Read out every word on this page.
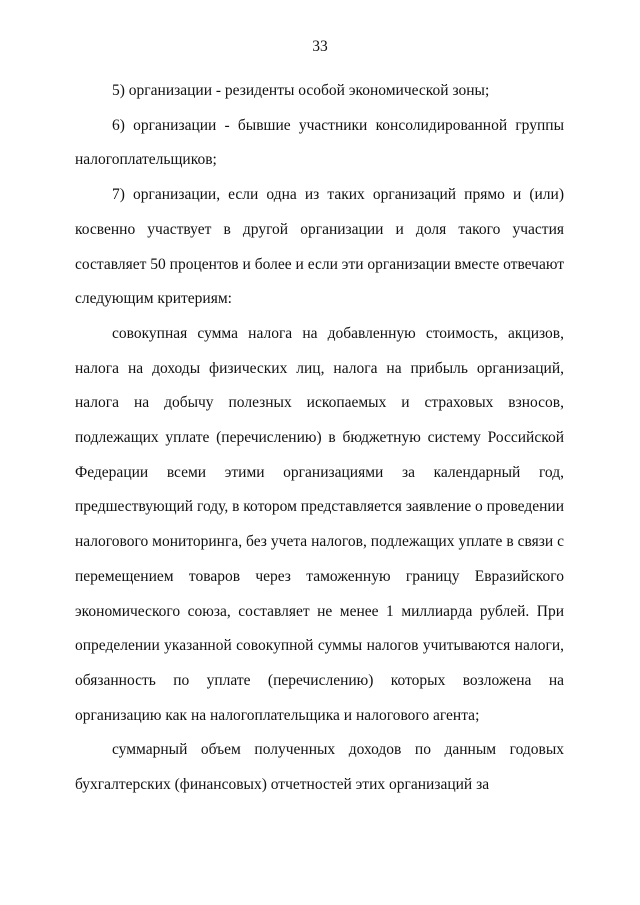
33

5) организации - резиденты особой экономической зоны;

6) организации - бывшие участники консолидированной группы налогоплательщиков;

7) организации, если одна из таких организаций прямо и (или) косвенно участвует в другой организации и доля такого участия составляет 50 процентов и более и если эти организации вместе отвечают следующим критериям:

совокупная сумма налога на добавленную стоимость, акцизов, налога на доходы физических лиц, налога на прибыль организаций, налога на добычу полезных ископаемых и страховых взносов, подлежащих уплате (перечислению) в бюджетную систему Российской Федерации всеми этими организациями за календарный год, предшествующий году, в котором представляется заявление о проведении налогового мониторинга, без учета налогов, подлежащих уплате в связи с перемещением товаров через таможенную границу Евразийского экономического союза, составляет не менее 1 миллиарда рублей. При определении указанной совокупной суммы налогов учитываются налоги, обязанность по уплате (перечислению) которых возложена на организацию как на налогоплательщика и налогового агента;

суммарный объем полученных доходов по данным годовых бухгалтерских (финансовых) отчетностей этих организаций за
